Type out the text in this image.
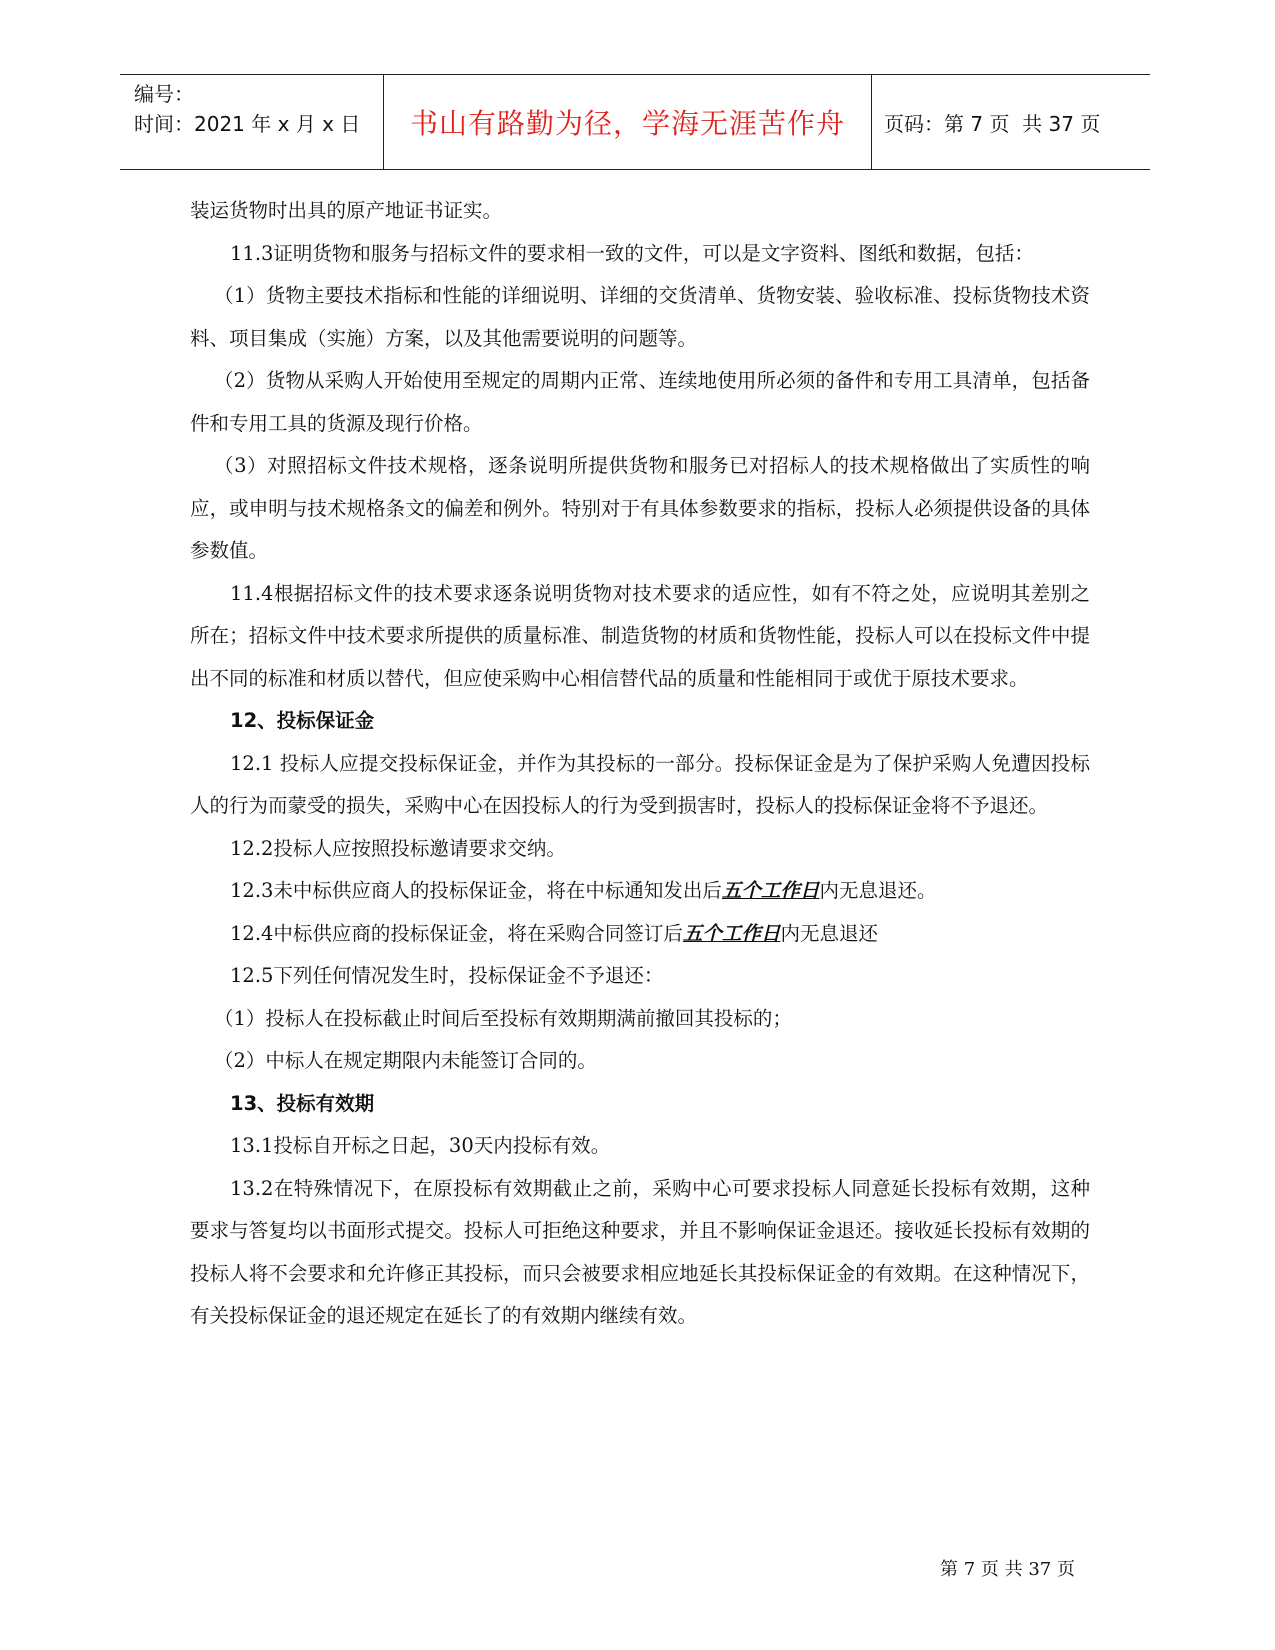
编号：
时间：2021 年 x 月 x 日	书山有路勤为径，学海无涯苦作舟	页码：第 7 页  共 37 页

装运货物时出具的原产地证书证实。

11.3证明货物和服务与招标文件的要求相一致的文件，可以是文字资料、图纸和数据，包括：

（1）货物主要技术指标和性能的详细说明、详细的交货清单、货物安装、验收标准、投标货物技术资料、项目集成（实施）方案，以及其他需要说明的问题等。

（2）货物从采购人开始使用至规定的周期内正常、连续地使用所必须的备件和专用工具清单，包括备件和专用工具的货源及现行价格。

（3）对照招标文件技术规格，逐条说明所提供货物和服务已对招标人的技术规格做出了实质性的响应，或申明与技术规格条文的偏差和例外。特别对于有具体参数要求的指标，投标人必须提供设备的具体参数值。

11.4根据招标文件的技术要求逐条说明货物对技术要求的适应性，如有不符之处，应说明其差别之所在；招标文件中技术要求所提供的质量标准、制造货物的材质和货物性能，投标人可以在投标文件中提出不同的标准和材质以替代，但应使采购中心相信替代品的质量和性能相同于或优于原技术要求。

12、投标保证金

12.1 投标人应提交投标保证金，并作为其投标的一部分。投标保证金是为了保护采购人免遭因投标人的行为而蒙受的损失，采购中心在因投标人的行为受到损害时，投标人的投标保证金将不予退还。

12.2投标人应按照投标邀请要求交纳。

12.3未中标供应商人的投标保证金，将在中标通知发出后五个工作日内无息退还。

12.4中标供应商的投标保证金，将在采购合同签订后五个工作日内无息退还

12.5下列任何情况发生时，投标保证金不予退还：

（1）投标人在投标截止时间后至投标有效期期满前撤回其投标的；

（2）中标人在规定期限内未能签订合同的。

13、投标有效期

13.1投标自开标之日起，30天内投标有效。

13.2在特殊情况下，在原投标有效期截止之前，采购中心可要求投标人同意延长投标有效期，这种要求与答复均以书面形式提交。投标人可拒绝这种要求，并且不影响保证金退还。接收延长投标有效期的投标人将不会要求和允许修正其投标，而只会被要求相应地延长其投标保证金的有效期。在这种情况下，有关投标保证金的退还规定在延长了的有效期内继续有效。

第 7 页 共 37 页
